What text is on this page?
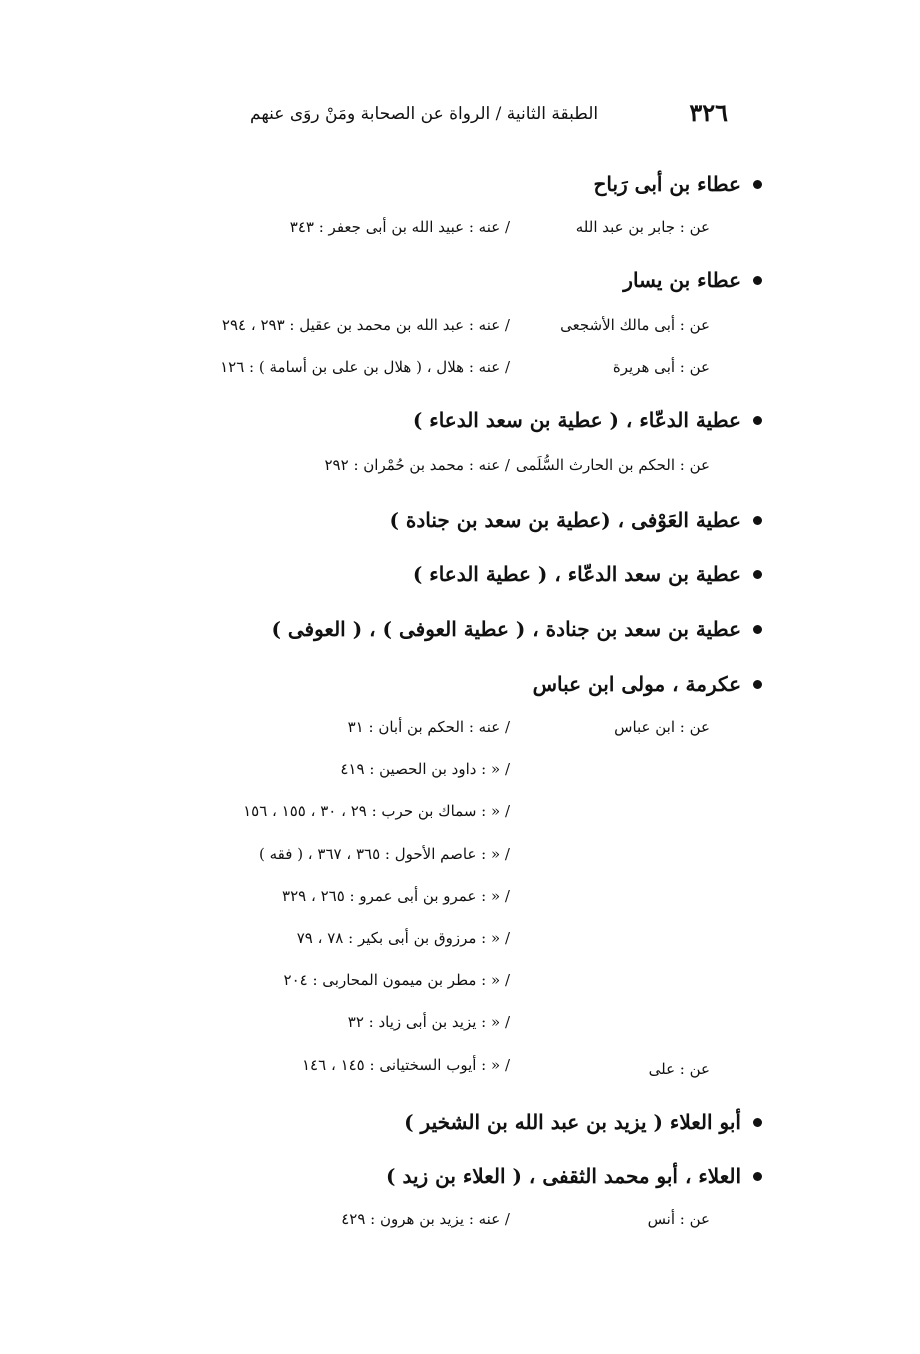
٣٢٦
الطبقة الثانية / الرواة عن الصحابة ومَنْ روَى عنهم
عطاء بن أبى رَباح
عن : جابر بن عبد الله
/ عنه : عبيد الله بن أبى جعفر : ٣٤٣
عطاء بن يسار
عن : أبى مالك الأشجعى
/ عنه : عبد الله بن محمد بن عقيل : ٢٩٣ ، ٢٩٤
عن : أبى هريرة
/ عنه : هلال ، ( هلال بن على بن أسامة ) : ١٢٦
عطية الدعّاء ، ( عطية بن سعد الدعاء )
عن : الحكم بن الحارث السُّلَمى
/ عنه : محمد بن حُمْران : ٢٩٢
عطية العَوْفى ، (عطية بن سعد بن جنادة )
عطية بن سعد الدعّاء ، ( عطية الدعاء )
عطية بن سعد بن جنادة ، ( عطية العوفى ) ، ( العوفى )
عكرمة ، مولى ابن عباس
عن : ابن عباس
/ عنه : الحكم بن أبان : ٣١
/ « : داود بن الحصين : ٤١٩
/ « : سماك بن حرب : ٢٩ ، ٣٠ ، ١٥٥ ، ١٥٦
/ « : عاصم الأحول : ٣٦٥ ، ٣٦٧ ، ( فقه )
/ « : عمرو بن أبى عمرو : ٢٦٥ ، ٣٢٩
/ « : مرزوق بن أبى بكير : ٧٨ ، ٧٩
/ « : مطر بن ميمون المحاربى : ٢٠٤
/ « : يزيد بن أبى زياد : ٣٢
عن : على
/ « : أيوب السختيانى : ١٤٥ ، ١٤٦
أبو العلاء ( يزيد بن عبد الله بن الشخير )
العلاء ، أبو محمد الثقفى ، ( العلاء بن زيد )
عن : أنس
/ عنه : يزيد بن هرون : ٤٢٩
